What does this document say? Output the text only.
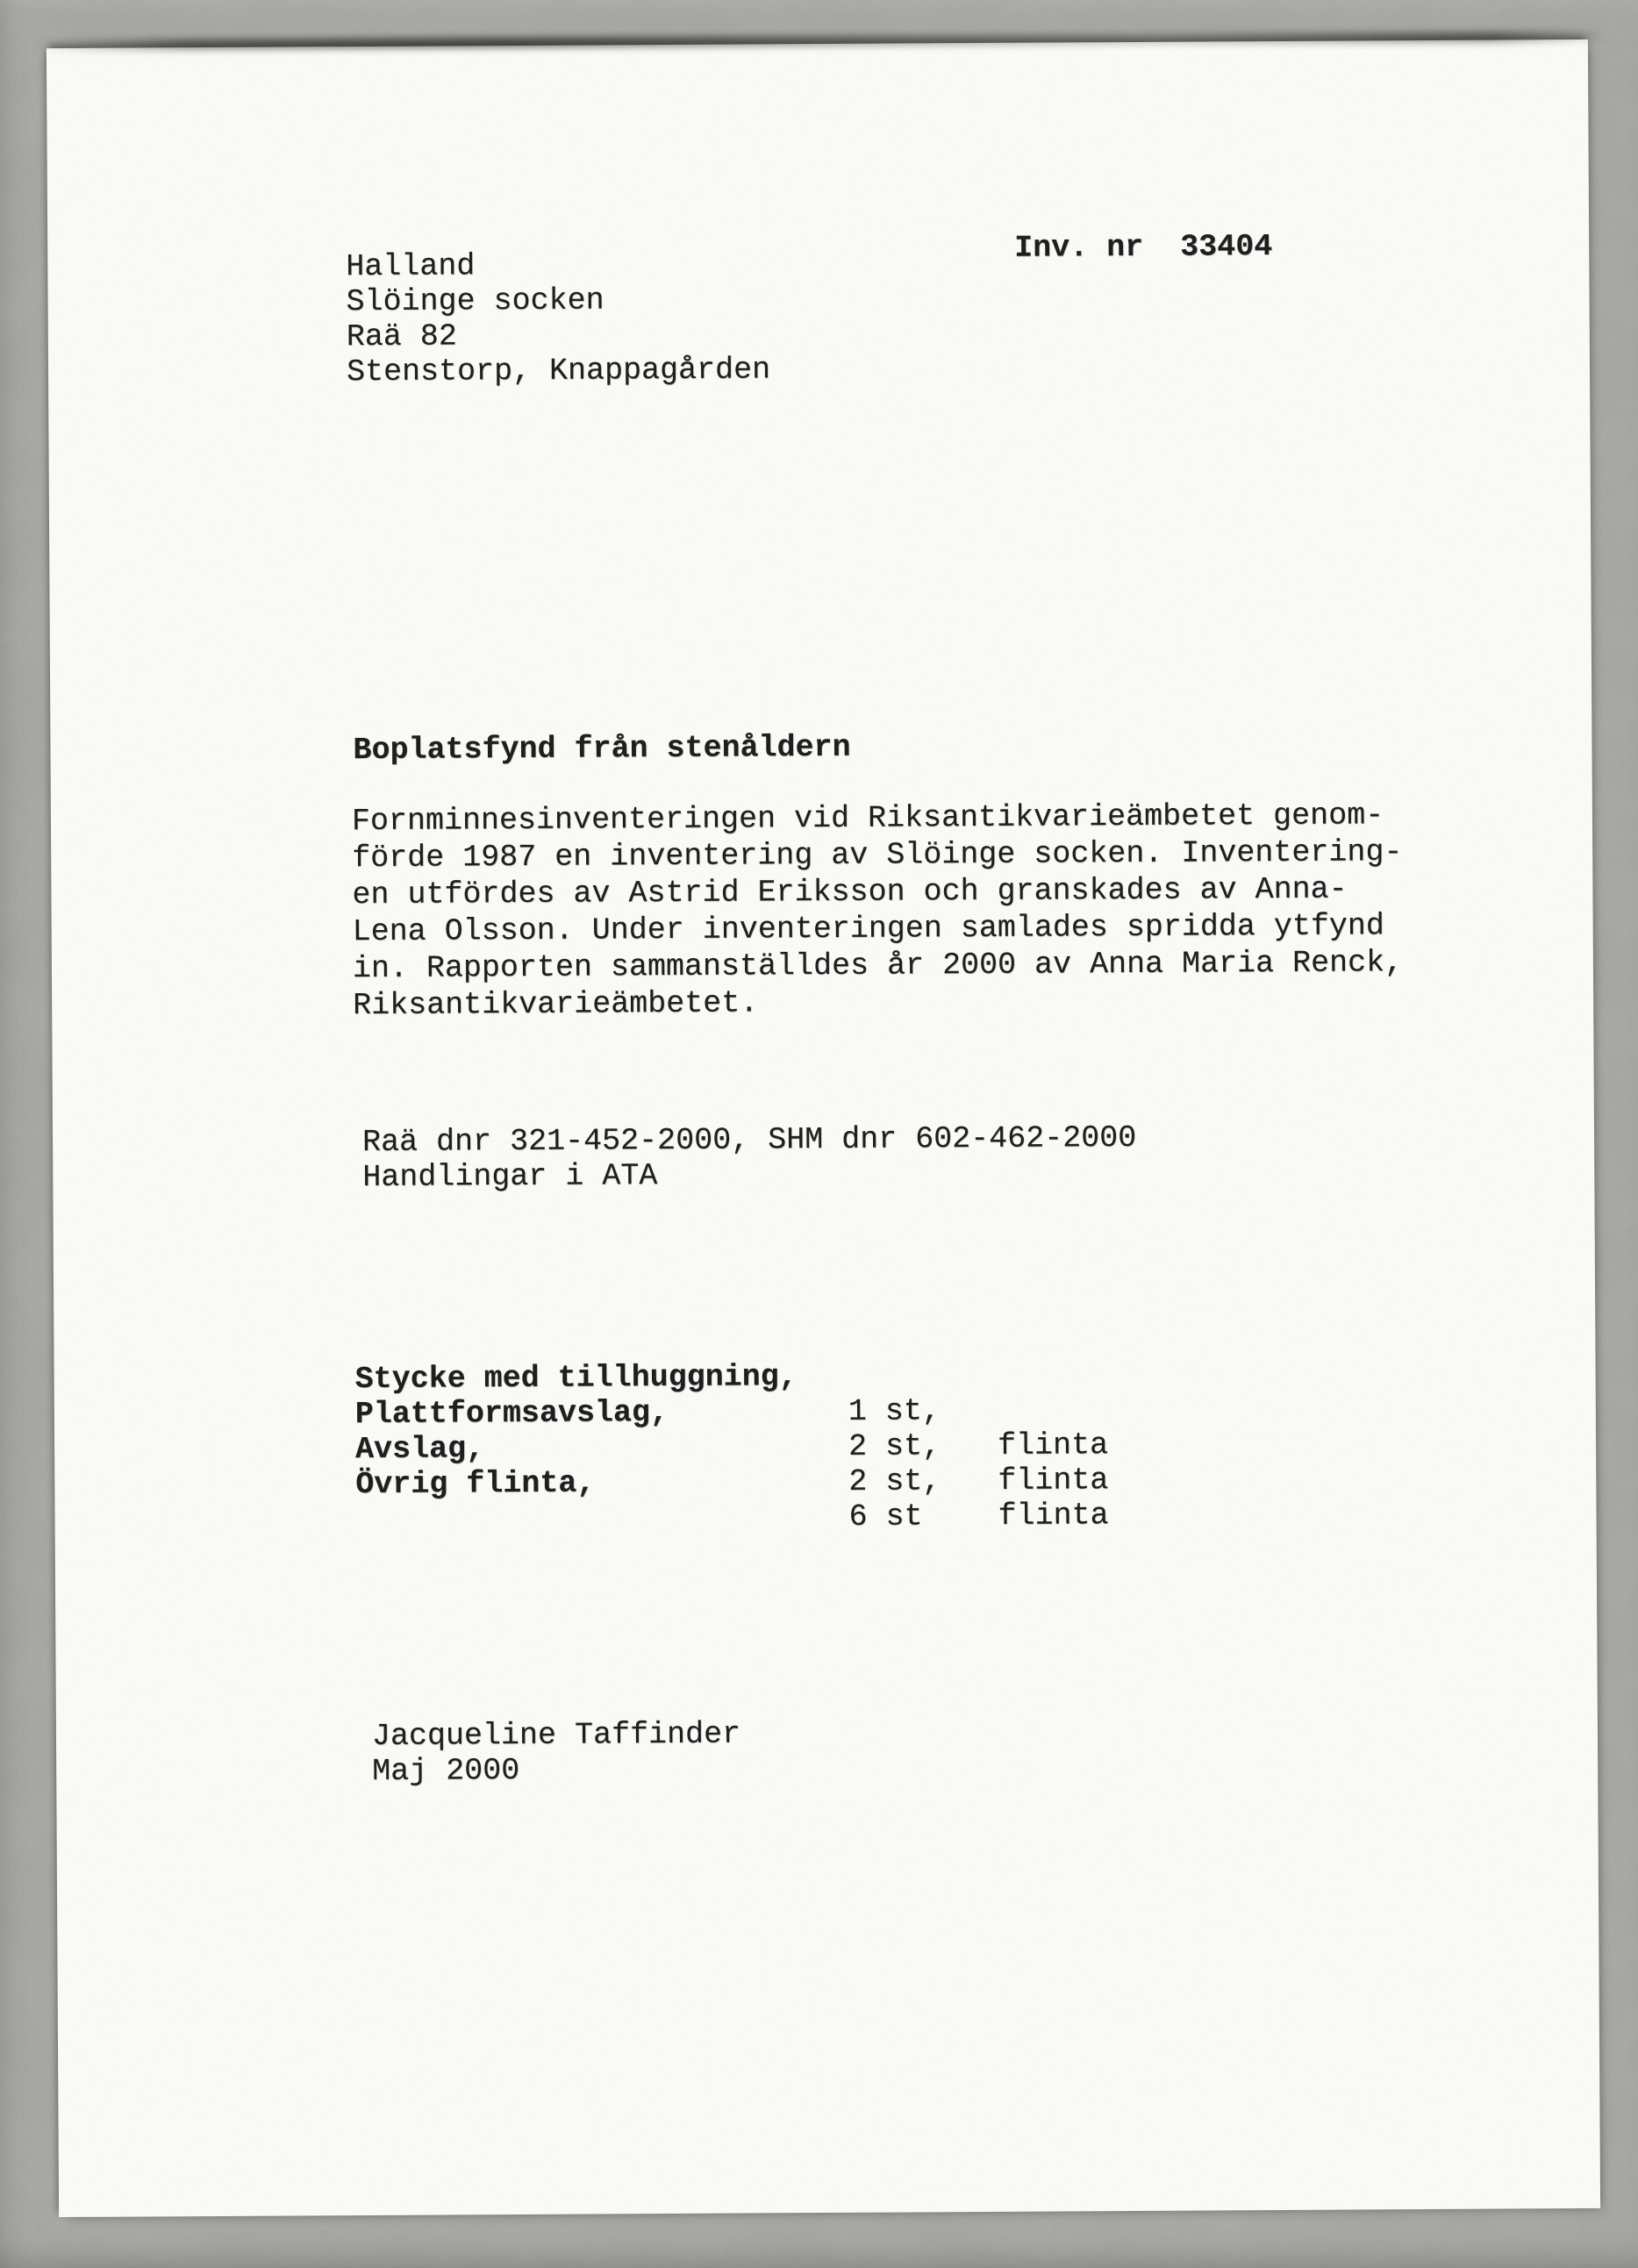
Inv. nr  33404
Halland
Slöinge socken
Raä 82
Stenstorp, Knappagården
Boplatsfynd från stenåldern
Fornminnesinventeringen vid Riksantikvarieämbetet genom-
förde 1987 en inventering av Slöinge socken. Inventering-
en utfördes av Astrid Eriksson och granskades av Anna-
Lena Olsson. Under inventeringen samlades spridda ytfynd
in. Rapporten sammanställdes år 2000 av Anna Maria Renck,
Riksantikvarieämbetet.
Raä dnr 321-452-2000, SHM dnr 602-462-2000
Handlingar i ATA

Stycke med tillhuggning,

1 st,

flinta

Plattformsavslag,

2 st,

flinta

Avslag,

2 st,

flinta

Övrig flinta,

6 st

Jacqueline Taffinder
Maj 2000
